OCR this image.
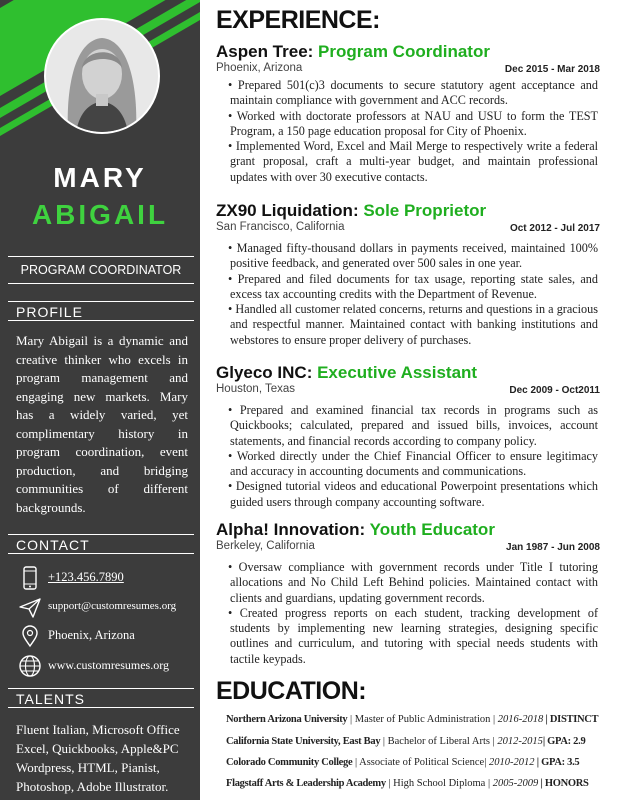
MARY
ABIGAIL
PROGRAM COORDINATOR
PROFILE
Mary Abigail is a dynamic and creative thinker who excels in program management and engaging new markets. Mary has a widely varied, yet complimentary history in program coordination, event production, and bridging communities of different backgrounds.
CONTACT
+123.456.7890
support@customresumes.org
Phoenix, Arizona
www.customresumes.org
TALENTS
Fluent Italian, Microsoft Office Excel, Quickbooks, Apple&PC Wordpress, HTML, Pianist, Photoshop, Adobe Illustrator.
EXPERIENCE:
Aspen Tree: Program Coordinator
Phoenix, Arizona	Dec 2015 - Mar 2018

• Prepared 501(c)3 documents to secure statutory agent acceptance and maintain compliance with government and ACC records.

• Worked with doctorate professors at NAU and USU to form the TEST Program, a 150 page education proposal for City of Phoenix.

• Implemented Word, Excel and Mail Merge to respectively write a federal grant proposal, craft a multi-year budget, and maintain professional updates with over 30 executive contacts.

ZX90 Liquidation: Sole Proprietor
San Francisco, California	Oct 2012 - Jul 2017

• Managed fifty-thousand dollars in payments received, maintained 100% positive feedback, and generated over 500 sales in one year.

• Prepared and filed documents for tax usage, reporting state sales, and excess tax accounting credits with the Department of Revenue.

• Handled all customer related concerns, returns and questions in a gracious and respectful manner. Maintained contact with banking institutions and webstores to ensure proper delivery of purchases.

Glyeco INC: Executive Assistant
Houston, Texas	Dec 2009 - Oct2011

• Prepared and examined financial tax records in programs such as Quickbooks; calculated, prepared and issued bills, invoices, account statements, and financial records according to company policy.

• Worked directly under the Chief Financial Officer to ensure legitimacy and accuracy in accounting documents and communications.

• Designed tutorial videos and educational Powerpoint presentations which guided users through company accounting software.

Alpha! Innovation: Youth Educator
Berkeley, California	Jan 1987 - Jun 2008

• Oversaw compliance with government records under Title I tutoring allocations and No Child Left Behind policies. Maintained contact with clients and guardians, updating government records.

• Created progress reports on each student, tracking development of students by implementing new learning strategies, designing specific outlines and curriculum, and tutoring with special needs students with tactile keypads.

EDUCATION:
Northern Arizona University | Master of Public Administration | 2016-2018 | DISTINCT
California State University, East Bay | Bachelor of Liberal Arts | 2012-2015| GPA: 2.9
Colorado Community College | Associate of Political Science| 2010-2012 | GPA: 3.5
Flagstaff Arts & Leadership Academy | High School Diploma | 2005-2009 | HONORS
